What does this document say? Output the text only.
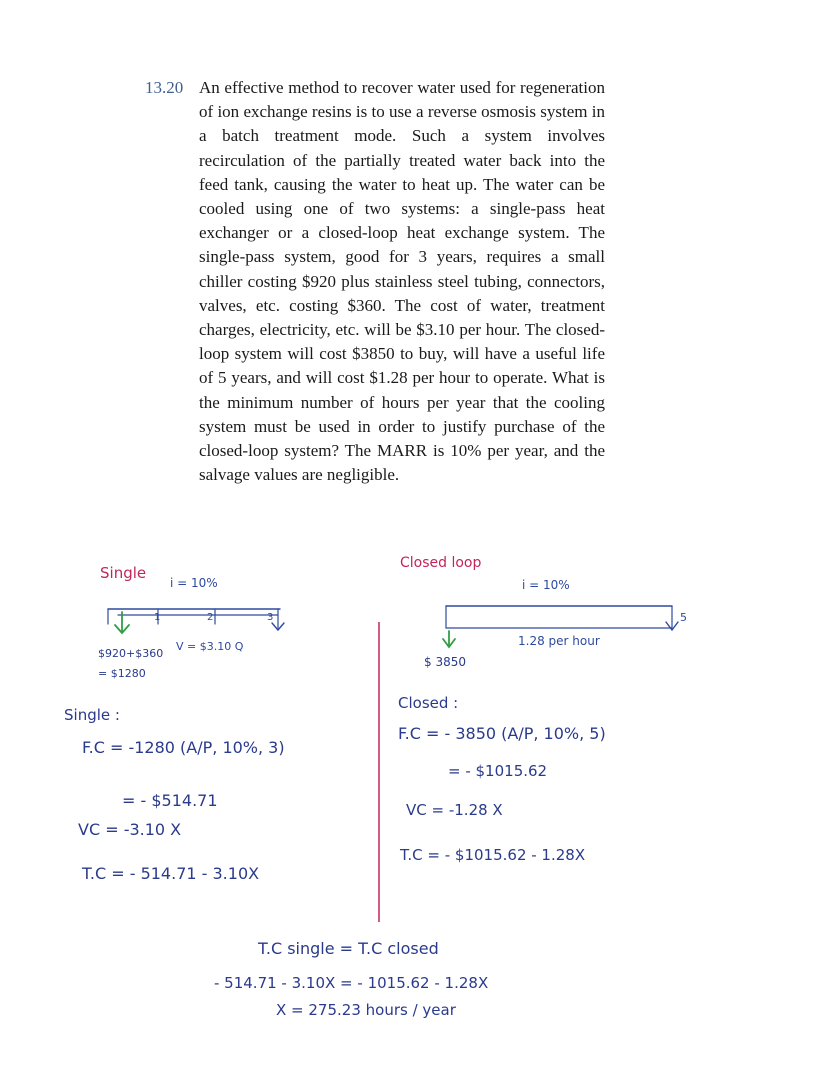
13.20 An effective method to recover water used for regeneration of ion exchange resins is to use a reverse osmosis system in a batch treatment mode. Such a system involves recirculation of the partially treated water back into the feed tank, causing the water to heat up. The water can be cooled using one of two systems: a single-pass heat exchanger or a closed-loop heat exchange system. The single-pass system, good for 3 years, requires a small chiller costing $920 plus stainless steel tubing, connectors, valves, etc. costing $360. The cost of water, treatment charges, electricity, etc. will be $3.10 per hour. The closed-loop system will cost $3850 to buy, will have a useful life of 5 years, and will cost $1.28 per hour to operate. What is the minimum number of hours per year that the cooling system must be used in order to justify purchase of the closed-loop system? The MARR is 10% per year, and the salvage values are negligible.
Single
i = 10%
1	2	3
V = $3.10 Q
$920+$360
= $1280
Single :
F.C = -1280 (A/P, 10%, 3)
= - $514.71
VC = -3.10 X
T.C = - 514.71 - 3.10X
Closed loop
i = 10%
5
1.28 per hour
$ 3850
Closed :
F.C = - 3850 (A/P, 10%, 5)
= - $1015.62
VC = -1.28 X
T.C = - $1015.62 - 1.28X
T.C single = T.C closed
- 514.71 - 3.10X = - 1015.62 - 1.28X
X = 275.23 hours / year
